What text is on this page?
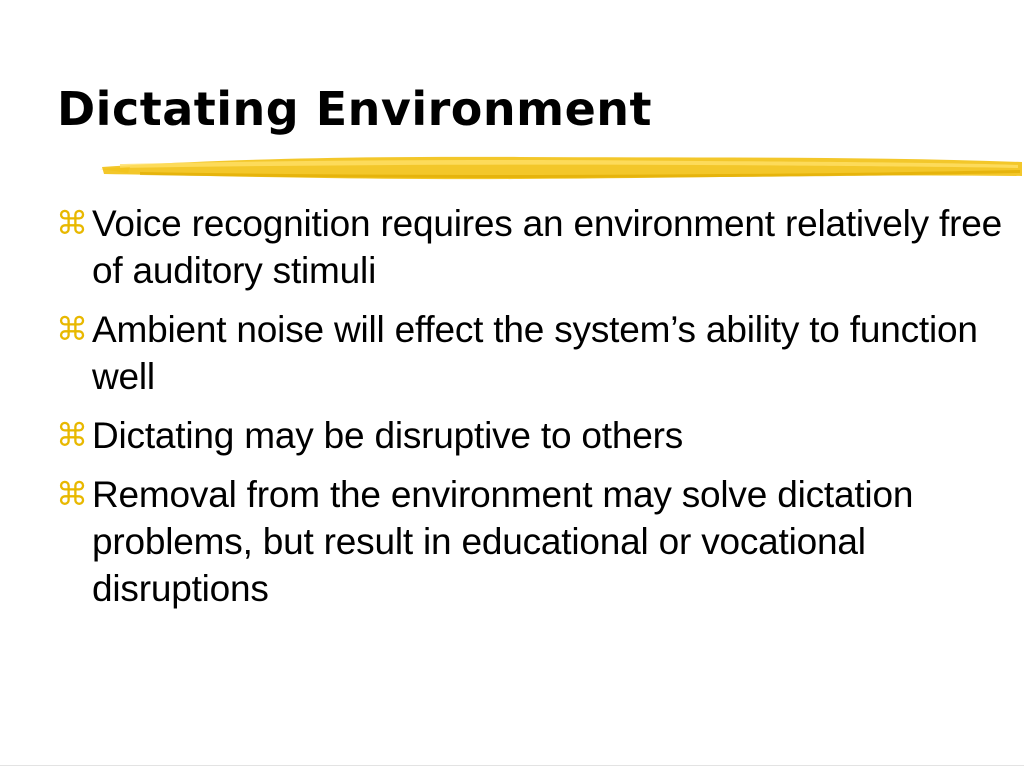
Dictating Environment
⌘ Voice recognition requires an environment relatively free of auditory stimuli
⌘ Ambient noise will effect the system’s ability to function well
⌘ Dictating may be disruptive to others
⌘ Removal from the environment may solve dictation problems, but result in educational or vocational disruptions
